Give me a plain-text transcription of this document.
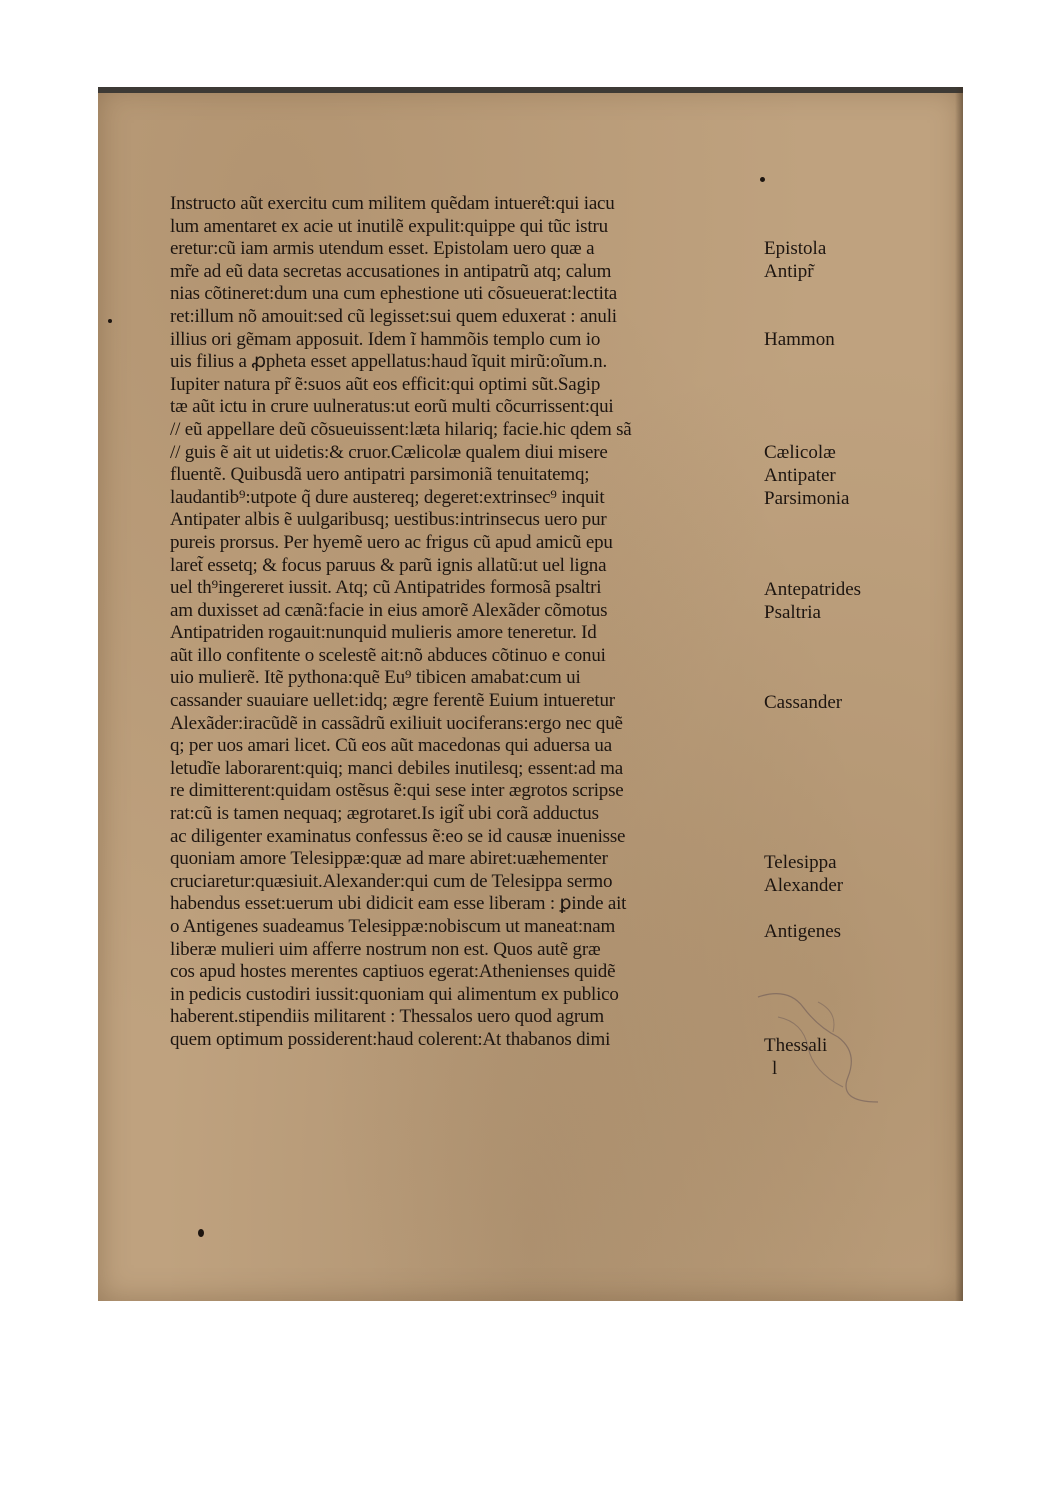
Instructo aũt exercitu cum militem quẽdam intuere͂t:qui iacu
lum amentaret ex acie ut inutilẽ expulit:quippe qui tũc istru
eretur:cũ iam armis utendum esset. Epistolam uero quæ a
mr̃e ad eũ data secretas accusationes in antipatrũ atq; calum
nias cõtineret:dum una cum ephestione uti cõsueuerat:lectita
ret:illum nõ amouit:sed cũ legisset:sui quem eduxerat : anuli
illius ori gẽmam apposuit. Idem ĩ hammõis templo cum io
uis filius a ꝓpheta esset appellatus:haud ĩquit mirũ:oĩum.n.
Iupiter natura pr̃ ẽ:suos aũt eos efficit:qui optimi sũt.Sagip
tæ aũt ictu in crure uulneratus:ut eorũ multi cõcurrissent:qui
// eũ appellare deũ cõsueuissent:læta hilariq; facie.hic qdem sã
// guis ẽ ait ut uidetis:& cruor.Cælicolæ qualem diui misere
fluentẽ. Quibusdã uero antipatri parsimoniã tenuitatemq;
laudantib⁹:utpote q̃ dure austereq; degeret:extrinsec⁹ inquit
Antipater albis ẽ uulgaribusq; uestibus:intrinsecus uero pur
pureis prorsus. Per hyemẽ uero ac frigus cũ apud amicũ epu
laret̃ essetq; & focus paruus & parũ ignis allatũ:ut uel ligna
uel th⁹ingereret iussit. Atq; cũ Antipatrides formosã psaltri
am duxisset ad cænã:facie in eius amorẽ Alexãder cõmotus
Antipatriden rogauit:nunquid mulieris amore teneretur. Id
aũt illo confitente o scelestẽ ait:nõ abduces cõtinuo e conui
uio mulierẽ. Itẽ pythona:quẽ Eu⁹ tibicen amabat:cum ui
cassander suauiare uellet:idq; ægre ferentẽ Euium intueretur
Alexãder:iracũdẽ in cassãdrũ exiliuit uociferans:ergo nec quẽ
q; per uos amari licet. Cũ eos aũt macedonas qui aduersa ua
letudĩe laborarent:quiq; manci debiles inutilesq; essent:ad ma
re dimitterent:quidam ostẽsus ẽ:qui sese inter ægrotos scripse
rat:cũ is tamen nequaq; ægrotaret.Is igit̃ ubi corã adductus
ac diligenter examinatus confessus ẽ:eo se id causæ inuenisse
quoniam amore Telesippæ:quæ ad mare abiret:uæhementer
cruciaretur:quæsiuit.Alexander:qui cum de Telesippa sermo
habendus esset:uerum ubi didicit eam esse liberam : ꝑinde ait
o Antigenes suadeamus Telesippæ:nobiscum ut maneat:nam
liberæ mulieri uim afferre nostrum non est. Quos autẽ græ
cos apud hostes merentes captiuos egerat:Athenienses quidẽ
in pedicis custodiri iussit:quoniam qui alimentum ex publico
haberent.stipendiis militarent : Thessalos uero quod agrum
quem optimum possiderent:haud colerent:At thabanos dimi
Epistola
Antipr̃
Hammon
Cælicolæ
Antipater
Parsimonia
Antepatrides
Psaltria
Cassander
Telesippa
Alexander
Antigenes
Thessali
l
